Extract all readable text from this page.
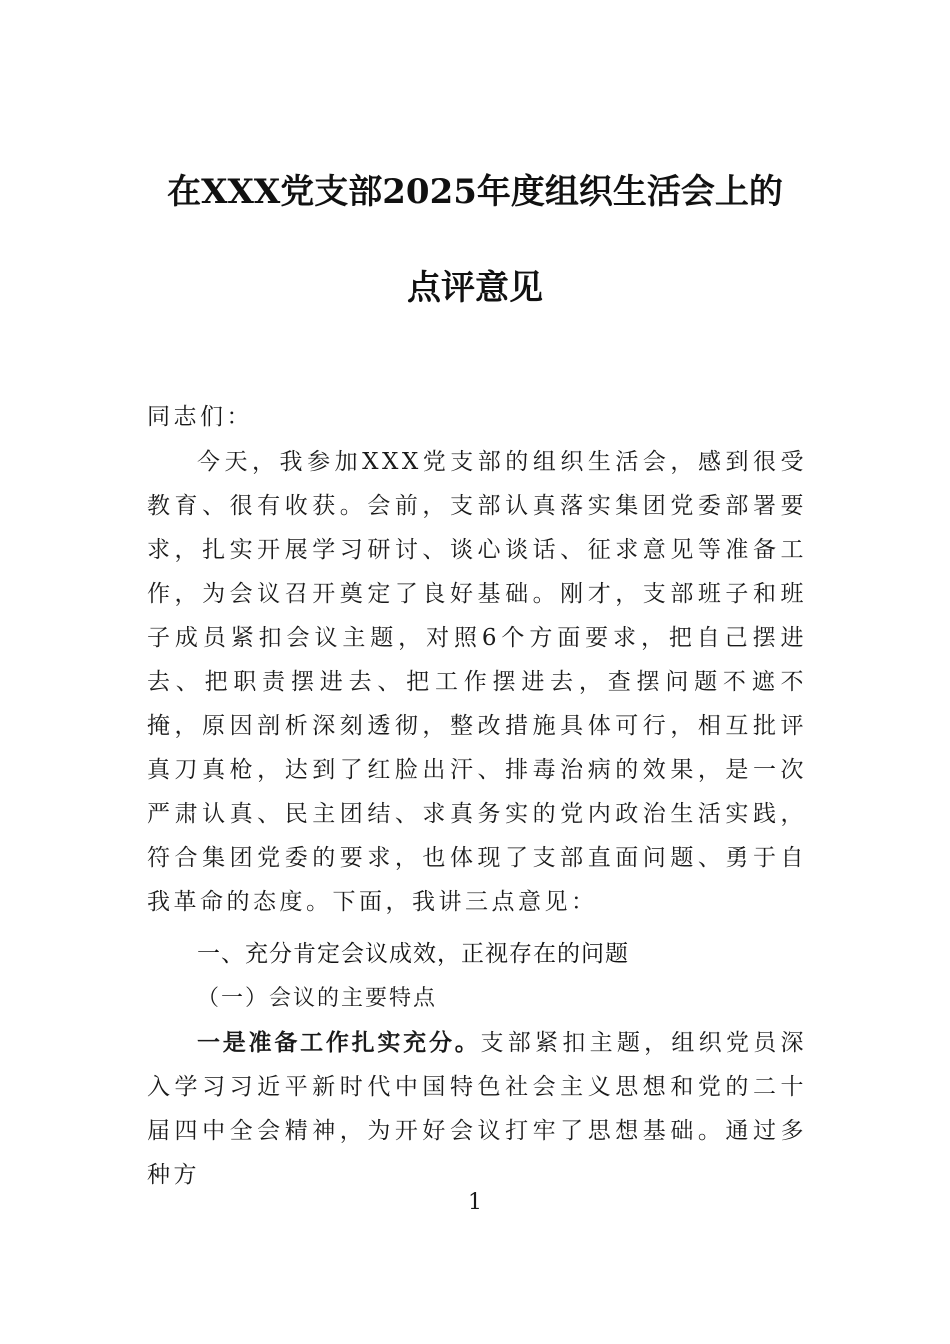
在XXX党支部2025年度组织生活会上的
点评意见
同志们：

今天，我参加XXX党支部的组织生活会，感到很受教育、很有收获。会前，支部认真落实集团党委部署要求，扎实开展学习研讨、谈心谈话、征求意见等准备工作，为会议召开奠定了良好基础。刚才，支部班子和班子成员紧扣会议主题，对照6个方面要求，把自己摆进去、把职责摆进去、把工作摆进去，查摆问题不遮不掩，原因剖析深刻透彻，整改措施具体可行，相互批评真刀真枪，达到了红脸出汗、排毒治病的效果，是一次严肃认真、民主团结、求真务实的党内政治生活实践，符合集团党委的要求，也体现了支部直面问题、勇于自我革命的态度。下面，我讲三点意见：

一、充分肯定会议成效，正视存在的问题
（一）会议的主要特点

一是准备工作扎实充分。支部紧扣主题，组织党员深入学习习近平新时代中国特色社会主义思想和党的二十届四中全会精神，为开好会议打牢了思想基础。通过多种方

1
